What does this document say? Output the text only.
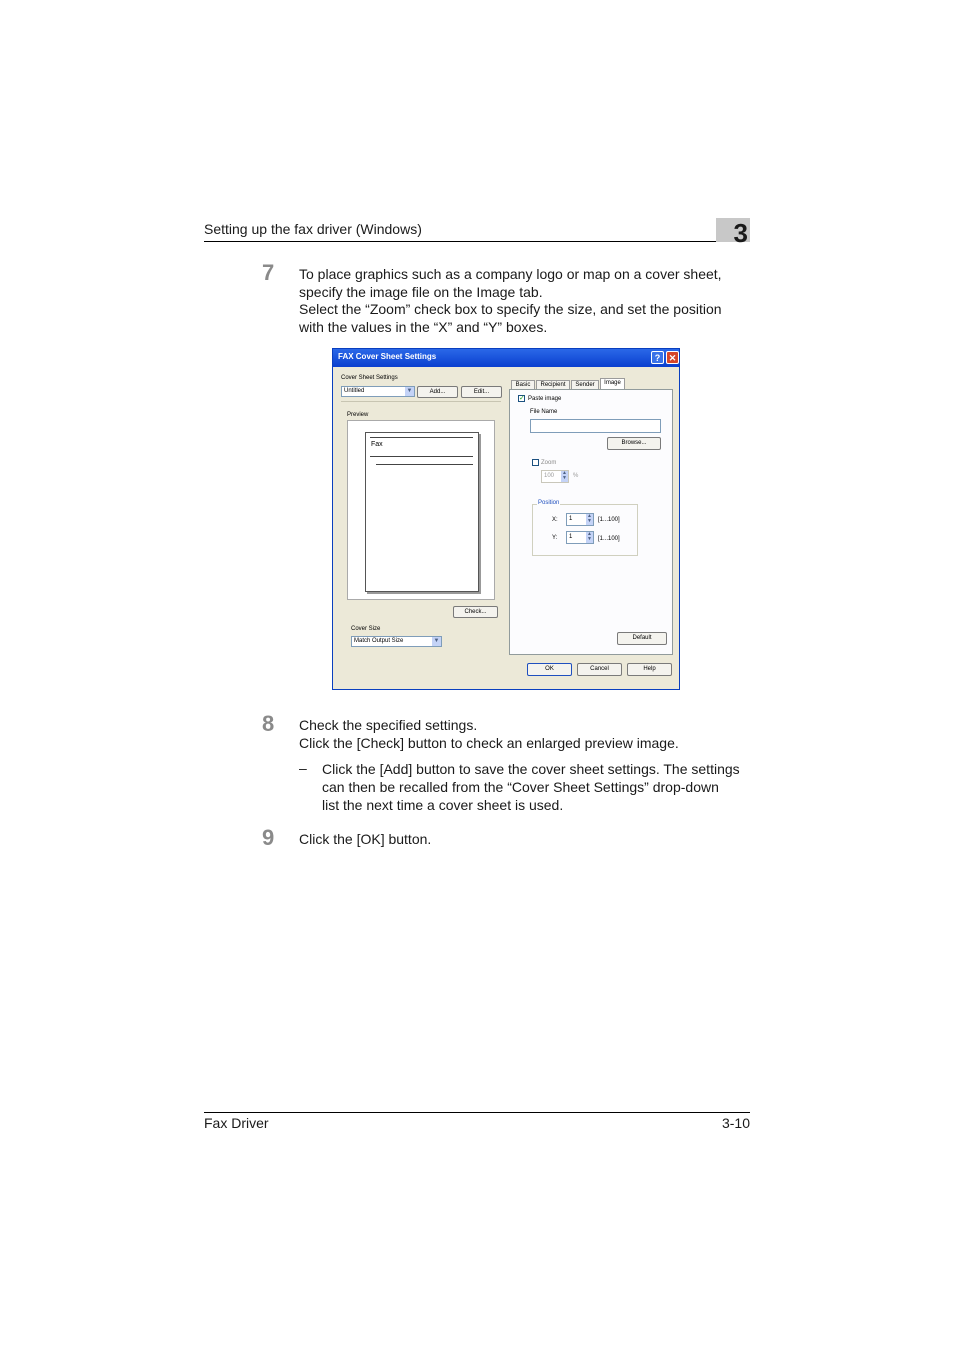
Setting up the fax driver (Windows)	3
7 To place graphics such as a company logo or map on a cover sheet,
specify the image file on the Image tab.
Select the “Zoom” check box to specify the size, and set the position
with the values in the “X” and “Y” boxes.
FAX Cover Sheet Settings	? ✕
Cover Sheet Settings
Untitled	▼	Add...	Edit...
Preview
Fax
Check...
Cover Size
Match Output Size	▼
Basic	Recipient	Sender	Image
✓ Paste image
File Name
Browse...
Zoom
100 ▲
▼ %
Position
X:	1	▲
▼ [1...100]
Y:	1	▲
▼ [1...100]
Default
OK	Cancel	Help
8 Check the specified settings.
Click the [Check] button to check an enlarged preview image.
– Click the [Add] button to save the cover sheet settings. The settings
can then be recalled from the “Cover Sheet Settings” drop-down
list the next time a cover sheet is used.
9 Click the [OK] button.
Fax Driver	3-10
